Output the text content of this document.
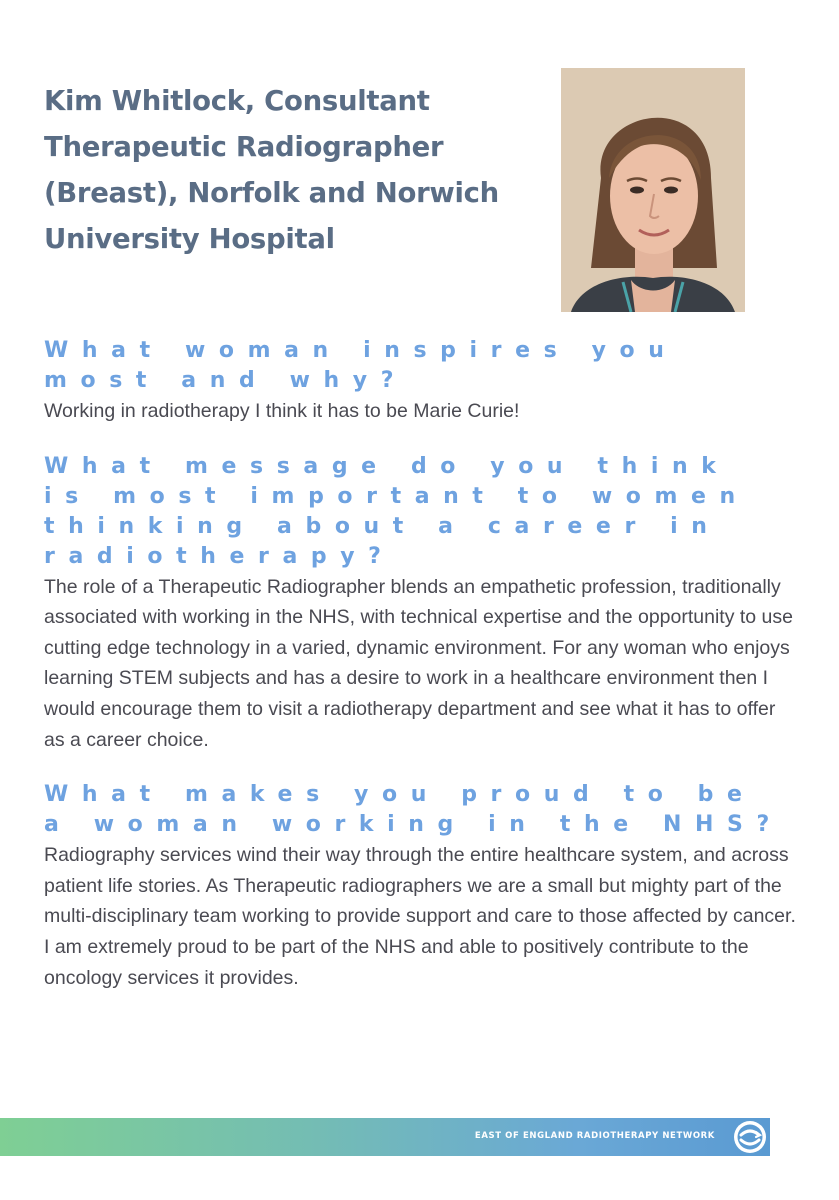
Kim Whitlock, Consultant Therapeutic Radiographer (Breast), Norfolk and Norwich University Hospital

What woman inspires you most and why?

Working in radiotherapy I think it has to be Marie Curie!

What message do you think is most important to women thinking about a career in radiotherapy?

The role of a Therapeutic Radiographer blends an empathetic profession, traditionally associated with working in the NHS, with technical expertise and the opportunity to use cutting edge technology in a varied, dynamic environment. For any woman who enjoys learning STEM subjects and has a desire to work in a healthcare environment then I would encourage them to visit a radiotherapy department and see what it has to offer as a career choice.

What makes you proud to be a woman working in the NHS?

Radiography services wind their way through the entire healthcare system, and across patient life stories. As Therapeutic radiographers we are a small but mighty part of the multi-disciplinary team working to provide support and care to those affected by cancer. I am extremely proud to be part of the NHS and able to positively contribute to the oncology services it provides.

EAST OF ENGLAND RADIOTHERAPY NETWORK
